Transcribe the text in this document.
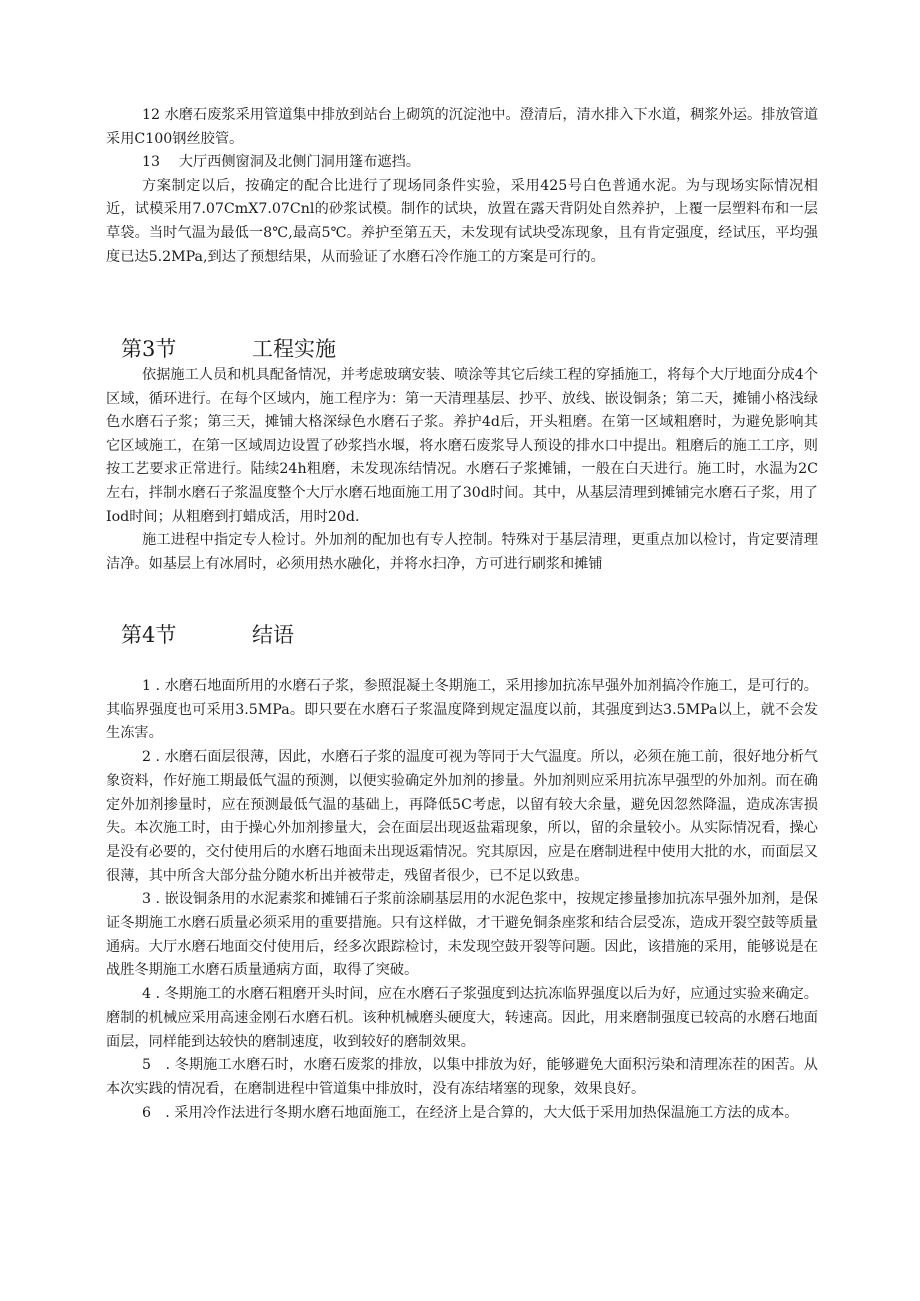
12 水磨石废浆采用管道集中排放到站台上砌筑的沉淀池中。澄清后，清水排入下水道，稠浆外运。排放管道采用C100钢丝胶管。

13　 大厅西侧窗洞及北侧门洞用篷布遮挡。

方案制定以后，按确定的配合比进行了现场同条件实验，采用425号白色普通水泥。为与现场实际情况相近，试模采用7.07CmX7.07Cnl的砂浆试模。制作的试块，放置在露天背阴处自然养护，上覆一层塑料布和一层草袋。当时气温为最低一8℃,最高5℃。养护至第五天，未发现有试块受冻现象，且有肯定强度，经试压，平均强度已达5.2MPa,到达了预想结果，从而验证了水磨石冷作施工的方案是可行的。

第3节	工程实施

依据施工人员和机具配备情况，并考虑玻璃安装、喷涂等其它后续工程的穿插施工，将每个大厅地面分成4个区域，循环进行。在每个区域内，施工程序为：第一天清理基层、抄平、放线、嵌设铜条；第二天，摊铺小格浅绿色水磨石子浆；第三天，摊铺大格深绿色水磨石子浆。养护4d后，开头粗磨。在第一区域粗磨时，为避免影响其它区域施工，在第一区域周边设置了砂浆挡水堰，将水磨石废浆导人预设的排水口中提出。粗磨后的施工工序，则按工艺要求正常进行。陆续24h粗磨，未发现冻结情况。水磨石子浆摊铺，一般在白天进行。施工时，水温为2C左右，拌制水磨石子浆温度整个大厅水磨石地面施工用了30d时间。其中，从基层清理到摊铺完水磨石子浆，用了Iod时间；从粗磨到打蜡成活，用时20d.

施工进程中指定专人检讨。外加剂的配加也有专人控制。特殊对于基层清理，更重点加以检讨，肯定要清理洁净。如基层上有冰屑时，必须用热水融化，并将水扫净，方可进行刷浆和摊铺

第4节	结语

1 . 水磨石地面所用的水磨石子浆，参照混凝土冬期施工，采用掺加抗冻早强外加剂搞冷作施工，是可行的。其临界强度也可采用3.5MPa。即只要在水磨石子浆温度降到规定温度以前，其强度到达3.5MPa以上，就不会发生冻害。

2 . 水磨石面层很薄，因此，水磨石子浆的温度可视为等同于大气温度。所以，必须在施工前，很好地分析气象资料，作好施工期最低气温的预测，以便实验确定外加剂的掺量。外加剂则应采用抗冻早强型的外加剂。而在确定外加剂掺量时，应在预测最低气温的基础上，再降低5C考虑，以留有较大余量，避免因忽然降温，造成冻害损失。本次施工时，由于操心外加剂掺量大，会在面层出现返盐霜现象，所以，留的余量较小。从实际情况看，操心是没有必要的，交付使用后的水磨石地面未出现返霜情况。究其原因，应是在磨制进程中使用大批的水，而面层又很薄，其中所含大部分盐分随水析出并被带走，残留者很少，已不足以致患。

3 . 嵌设铜条用的水泥素浆和摊铺石子浆前涂刷基层用的水泥色浆中，按规定掺量掺加抗冻早强外加剂，是保证冬期施工水磨石质量必须采用的重要措施。只有这样做，才干避免铜条座浆和结合层受冻，造成开裂空鼓等质量通病。大厅水磨石地面交付使用后，经多次跟踪检讨，未发现空鼓开裂等问题。因此，该措施的采用，能够说是在战胜冬期施工水磨石质量通病方面，取得了突破。

4 . 冬期施工的水磨石粗磨开头时间，应在水磨石子浆强度到达抗冻临界强度以后为好，应通过实验来确定。磨制的机械应采用高速金刚石水磨石机。该种机械磨头硬度大，转速高。因此，用来磨制强度已较高的水磨石地面面层，同样能到达较快的磨制速度，收到较好的磨制效果。

5　. 冬期施工水磨石时，水磨石废浆的排放，以集中排放为好，能够避免大面积污染和清理冻茬的困苦。从本次实践的情况看，在磨制进程中管道集中排放时，没有冻结堵塞的现象，效果良好。

6　. 采用冷作法进行冬期水磨石地面施工，在经济上是合算的，大大低于采用加热保温施工方法的成本。
